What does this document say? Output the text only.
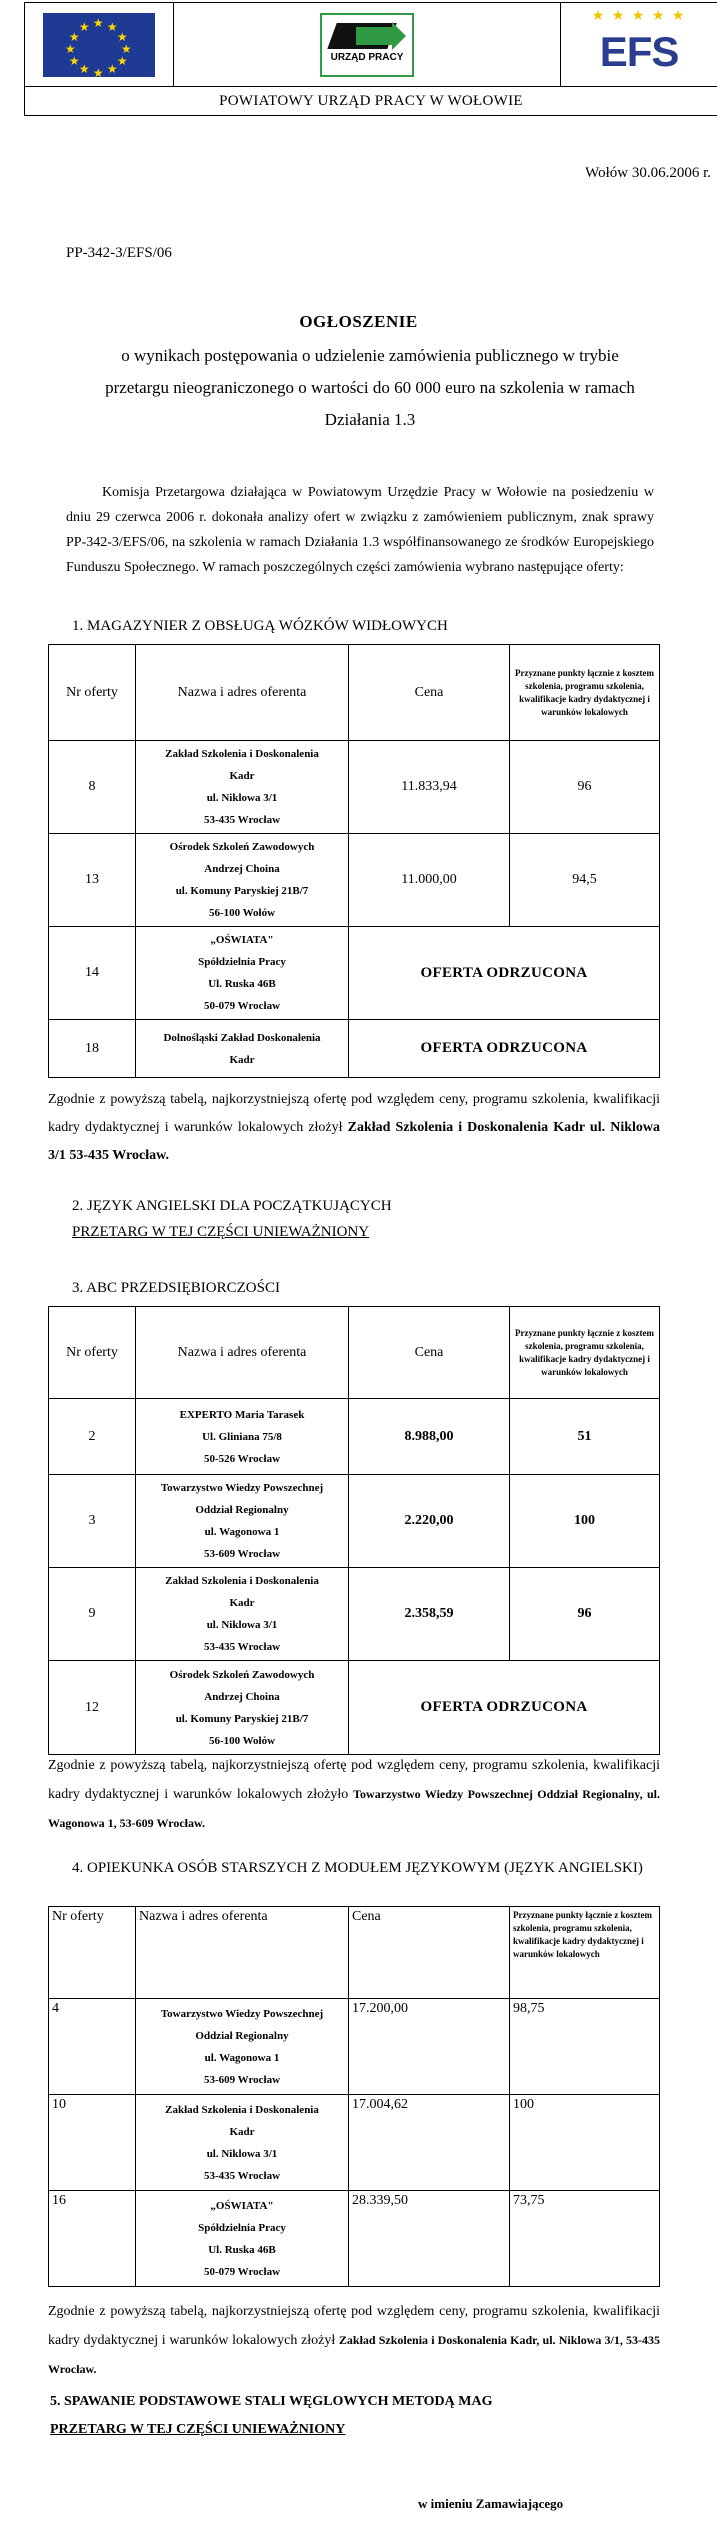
★ ★
★
★
★
★
★
★
★
★
★
★

URZĄD PRACY

★ ★ ★ ★ ★
EFS

POWIATOWY URZĄD PRACY W WOŁOWIE
Wołów 30.06.2006 r.
PP-342-3/EFS/06
OGŁOSZENIE
o wynikach postępowania o udzielenie zamówienia publicznego w trybie
przetargu nieograniczonego o wartości do 60 000 euro na szkolenia w ramach
Działania 1.3
Komisja Przetargowa działająca w Powiatowym Urzędzie Pracy w Wołowie na posiedzeniu w dniu 29 czerwca 2006 r. dokonała analizy ofert w związku z zamówieniem publicznym, znak sprawy PP-342-3/EFS/06, na szkolenia w ramach Działania 1.3 współfinansowanego ze środków Europejskiego Funduszu Społecznego. W ramach poszczególnych części zamówienia wybrano następujące oferty:
1. MAGAZYNIER Z OBSŁUGĄ WÓZKÓW WIDŁOWYCH
Nr oferty	Nazwa i adres oferenta	Cena	Przyznane punkty łącznie z kosztem szkolenia, programu szkolenia, kwalifikacje kadry dydaktycznej i warunków lokalowych
8	Zakład Szkolenia i Doskonalenia
Kadr
ul. Niklowa 3/1
53-435 Wrocław	11.833,94	96
13	Ośrodek Szkoleń Zawodowych
Andrzej Choina
ul. Komuny Paryskiej 21B/7
56-100 Wołów	11.000,00	94,5
14	„OŚWIATA"
Spółdzielnia Pracy
Ul. Ruska 46B
50-079 Wrocław	OFERTA ODRZUCONA	
18	Dolnośląski Zakład Doskonalenia
Kadr	OFERTA ODRZUCONA	
Zgodnie z powyższą tabelą, najkorzystniejszą ofertę pod względem ceny, programu szkolenia, kwalifikacji kadry dydaktycznej i warunków lokalowych złożył Zakład Szkolenia i Doskonalenia Kadr ul. Niklowa 3/1 53-435 Wrocław.
2. JĘZYK ANGIELSKI DLA POCZĄTKUJĄCYCH
PRZETARG W TEJ CZĘŚCI UNIEWAŻNIONY
3. ABC PRZEDSIĘBIORCZOŚCI
Nr oferty	Nazwa i adres oferenta	Cena	Przyznane punkty łącznie z kosztem szkolenia, programu szkolenia, kwalifikacje kadry dydaktycznej i warunków lokalowych
2	EXPERTO Maria Tarasek
Ul. Gliniana 75/8
50-526 Wrocław	8.988,00	51
3	Towarzystwo Wiedzy Powszechnej
Oddział Regionalny
ul. Wagonowa 1
53-609 Wrocław	2.220,00	100
9	Zakład Szkolenia i Doskonalenia
Kadr
ul. Niklowa 3/1
53-435 Wrocław	2.358,59	96
12	Ośrodek Szkoleń Zawodowych
Andrzej Choina
ul. Komuny Paryskiej 21B/7
56-100 Wołów	OFERTA ODRZUCONA	
Zgodnie z powyższą tabelą, najkorzystniejszą ofertę pod względem ceny, programu szkolenia, kwalifikacji kadry dydaktycznej i warunków lokalowych złożyło Towarzystwo Wiedzy Powszechnej Oddział Regionalny, ul. Wagonowa 1, 53-609 Wrocław.
4. OPIEKUNKA OSÓB STARSZYCH Z MODUŁEM JĘZYKOWYM (JĘZYK ANGIELSKI)
Nr oferty	Nazwa i adres oferenta	Cena	Przyznane punkty łącznie z kosztem szkolenia, programu szkolenia, kwalifikacje kadry dydaktycznej i warunków lokalowych
4	Towarzystwo Wiedzy Powszechnej
Oddział Regionalny
ul. Wagonowa 1
53-609 Wrocław	17.200,00	98,75
10	Zakład Szkolenia i Doskonalenia
Kadr
ul. Niklowa 3/1
53-435 Wrocław	17.004,62	100
16	„OŚWIATA"
Spółdzielnia Pracy
Ul. Ruska 46B
50-079 Wrocław	28.339,50	73,75
Zgodnie z powyższą tabelą, najkorzystniejszą ofertę pod względem ceny, programu szkolenia, kwalifikacji kadry dydaktycznej i warunków lokalowych złożył Zakład Szkolenia i Doskonalenia Kadr, ul. Niklowa 3/1, 53-435 Wrocław.
5. SPAWANIE PODSTAWOWE STALI WĘGLOWYCH METODĄ MAG
PRZETARG W TEJ CZĘŚCI UNIEWAŻNIONY
w imieniu Zamawiającego
